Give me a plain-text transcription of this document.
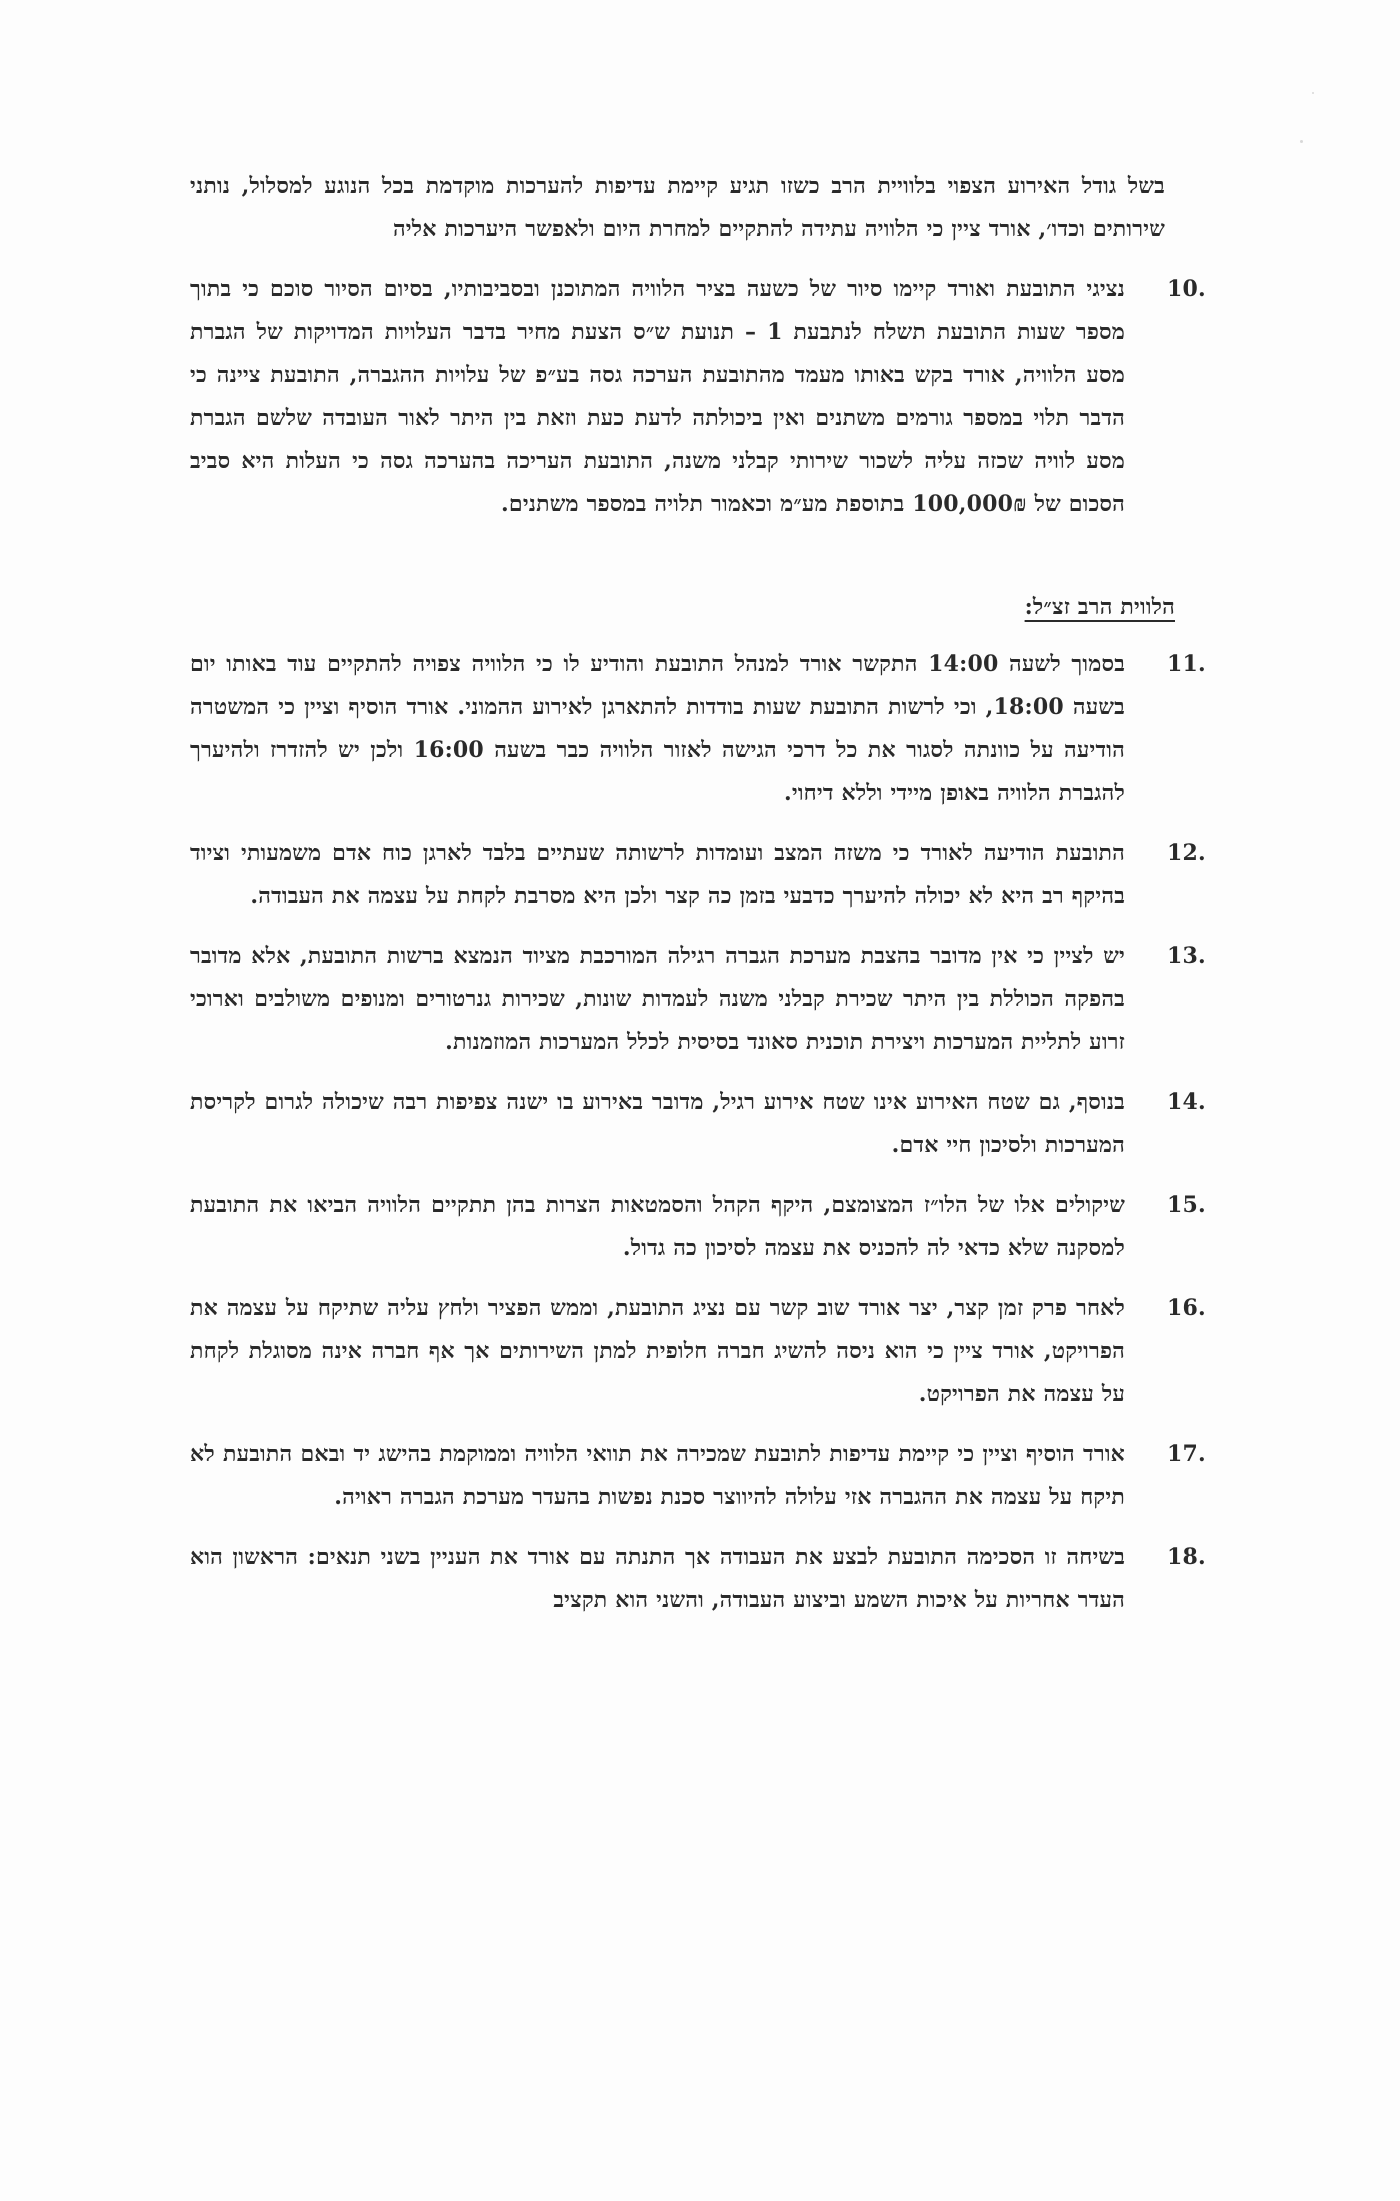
בשל גודל האירוע הצפוי בלוויית הרב כשזו תגיע קיימת עדיפות להערכות מוקדמת בכל הנוגע למסלול, נותני שירותים וכדו׳, אורד ציין כי הלוויה עתידה להתקיים למחרת היום ולאפשר היערכות אליה

10.
נציגי התובעת ואורד קיימו סיור של כשעה בציר הלוויה המתוכנן ובסביבותיו, בסיום הסיור סוכם כי בתוך מספר שעות התובעת תשלח לנתבעת 1 – תנועת ש״ס הצעת מחיר בדבר העלויות המדויקות של הגברת מסע הלוויה, אורד בקש באותו מעמד מהתובעת הערכה גסה בע״פ של עלויות ההגברה, התובעת ציינה כי הדבר תלוי במספר גורמים משתנים ואין ביכולתה לדעת כעת וזאת בין היתר לאור העובדה שלשם הגברת מסע לוויה שכזה עליה לשכור שירותי קבלני משנה, התובעת העריכה בהערכה גסה כי העלות היא סביב הסכום של 100,000₪ בתוספת מע״מ וכאמור תלויה במספר משתנים.

הלווית הרב זצ״ל:

11.
בסמוך לשעה 14:00 התקשר אורד למנהל התובעת והודיע לו כי הלוויה צפויה להתקיים עוד באותו יום בשעה 18:00, וכי לרשות התובעת שעות בודדות להתארגן לאירוע ההמוני. אורד הוסיף וציין כי המשטרה הודיעה על כוונתה לסגור את כל דרכי הגישה לאזור הלוויה כבר בשעה 16:00 ולכן יש להזדרז ולהיערך להגברת הלוויה באופן מיידי וללא דיחוי.

12.
התובעת הודיעה לאורד כי משזה המצב ועומדות לרשותה שעתיים בלבד לארגן כוח אדם משמעותי וציוד בהיקף רב היא לא יכולה להיערך כדבעי בזמן כה קצר ולכן היא מסרבת לקחת על עצמה את העבודה.

13.
יש לציין כי אין מדובר בהצבת מערכת הגברה רגילה המורכבת מציוד הנמצא ברשות התובעת, אלא מדובר בהפקה הכוללת בין היתר שכירת קבלני משנה לעמדות שונות, שכירות גנרטורים ומנופים משולבים וארוכי זרוע לתליית המערכות ויצירת תוכנית סאונד בסיסית לכלל המערכות המוזמנות.

14.
בנוסף, גם שטח האירוע אינו שטח אירוע רגיל, מדובר באירוע בו ישנה צפיפות רבה שיכולה לגרום לקריסת המערכות ולסיכון חיי אדם.

15.
שיקולים אלו של הלו״ז המצומצם, היקף הקהל והסמטאות הצרות בהן תתקיים הלוויה הביאו את התובעת למסקנה שלא כדאי לה להכניס את עצמה לסיכון כה גדול.

16.
לאחר פרק זמן קצר, יצר אורד שוב קשר עם נציג התובעת, וממש הפציר ולחץ עליה שתיקח על עצמה את הפרויקט, אורד ציין כי הוא ניסה להשיג חברה חלופית למתן השירותים אך אף חברה אינה מסוגלת לקחת על עצמה את הפרויקט.

17.
אורד הוסיף וציין כי קיימת עדיפות לתובעת שמכירה את תוואי הלוויה וממוקמת בהישג יד ובאם התובעת לא תיקח על עצמה את ההגברה אזי עלולה להיווצר סכנת נפשות בהעדר מערכת הגברה ראויה.

18.
בשיחה זו הסכימה התובעת לבצע את העבודה אך התנתה עם אורד את העניין בשני תנאים: הראשון הוא העדר אחריות על איכות השמע וביצוע העבודה, והשני הוא תקציב
